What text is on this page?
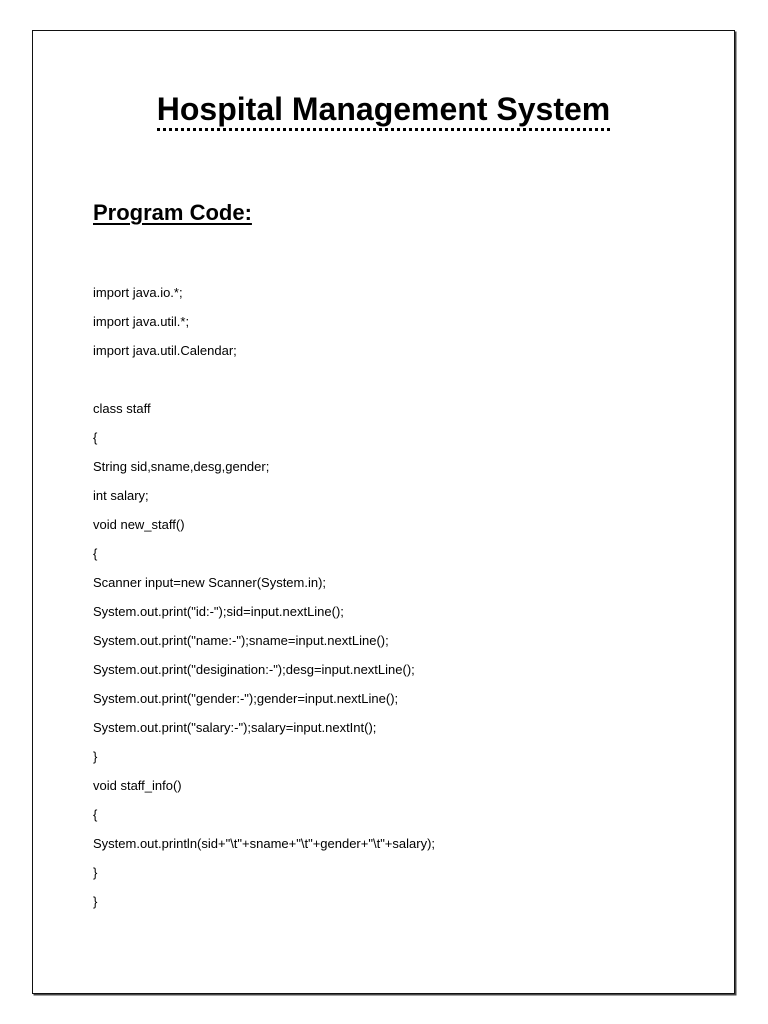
Hospital Management System
Program Code:
import java.io.*;
import java.util.*;
import java.util.Calendar;
class staff
{
String sid,sname,desg,gender;
int salary;
void new_staff()
{
Scanner input=new Scanner(System.in);
System.out.print("id:-");sid=input.nextLine();
System.out.print("name:-");sname=input.nextLine();
System.out.print("desigination:-");desg=input.nextLine();
System.out.print("gender:-");gender=input.nextLine();
System.out.print("salary:-");salary=input.nextInt();
}
void staff_info()
{
System.out.println(sid+"\t"+sname+"\t"+gender+"\t"+salary);
}
}
